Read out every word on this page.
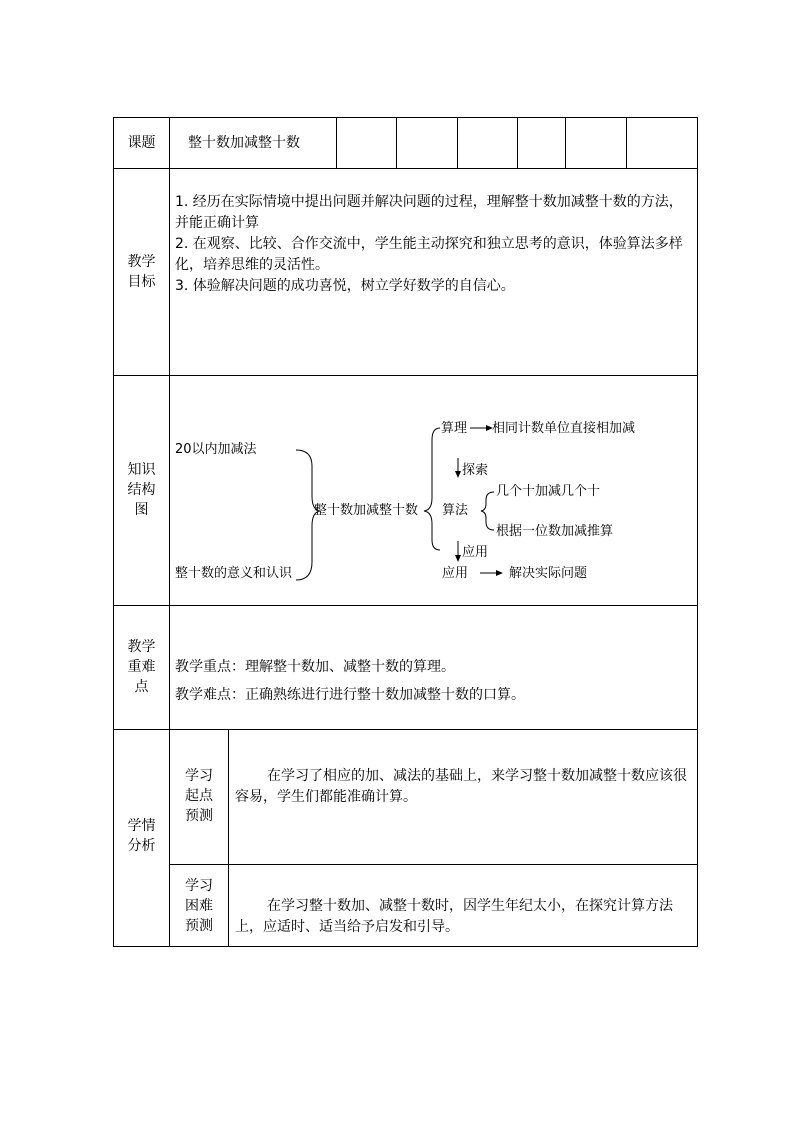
课题	整十数加减整十数
教学
目标
1. 经历在实际情境中提出问题并解决问题的过程，理解整十数加减整十数的方法，并能正确计算
2. 在观察、比较、合作交流中，学生能主动探究和独立思考的意识，体验算法多样化，培养思维的灵活性。
3. 体验解决问题的成功喜悦，树立学好数学的自信心。
知识
结构
图
20以内加减法
整十数的意义和认识
整十数加减整十数
算理 相同计数单位直接相加减
探索
算法
几个十加减几个十
根据一位数加减推算
应用
应用	解决实际问题
教学
重难
点
教学重点：理解整十数加、减整十数的算理。
教学难点：正确熟练进行进行整十数加减整十数的口算。
学情
分析
学习
起点
预测
在学习了相应的加、减法的基础上，来学习整十数加减整十数应该很容易，学生们都能准确计算。
学习
困难
预测
在学习整十数加、减整十数时，因学生年纪太小，在探究计算方法上，应适时、适当给予启发和引导。
